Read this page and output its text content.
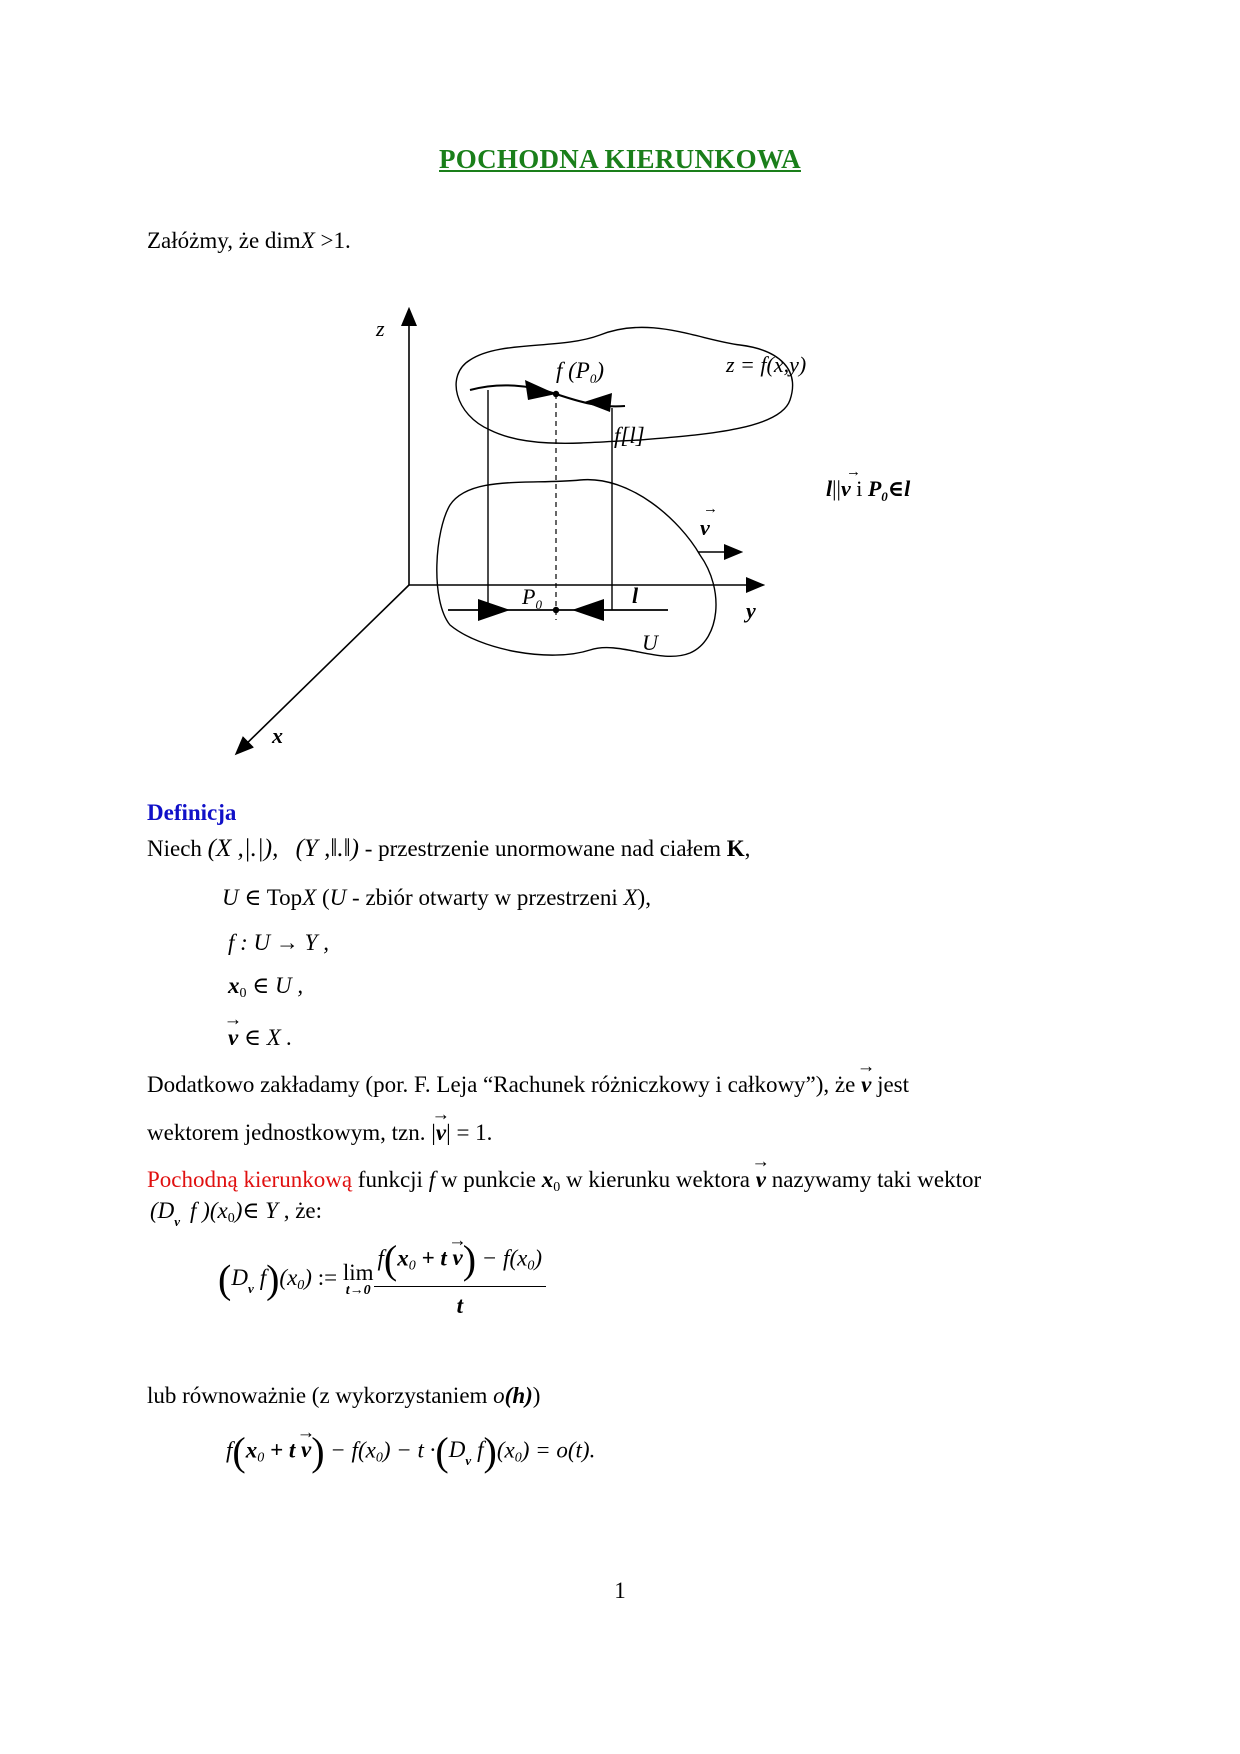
POCHODNA KIERUNKOWA
Załóżmy, że dimX >1.
z
y
x
z = f(x,y)
f $(P_0)$
f[l]
$P_0$	l
U
v
→
l||v i $P_0\in l$
→
Definicja
Niech (X ,|.|), (Y ,‖.‖) - przestrzenie unormowane nad ciałem K,
U ∈ TopX (U - zbiór otwarty w przestrzeni X),
f : U → Y ,
x0 ∈ U ,
→ v ∈ X .
Dodatkowo zakładamy (por. F. Leja “Rachunek różniczkowy i całkowy”), że → v jest
wektorem jednostkowym, tzn. |→ v| = 1.
Pochodną kierunkową funkcji f w punkcie x0 w kierunku wektora → v nazywamy taki wektor
(D v f )(x0)∈ Y , że:
(D v f)(x0) := lim
$t\to 0 \frac{f(x0 + t \to v) - f(x0)}{t}$
lub równoważnie (z wykorzystaniem o(h))
f(x0 + t → v) − f(x0) − t ·(D v f)(x0) = o(t).
1
